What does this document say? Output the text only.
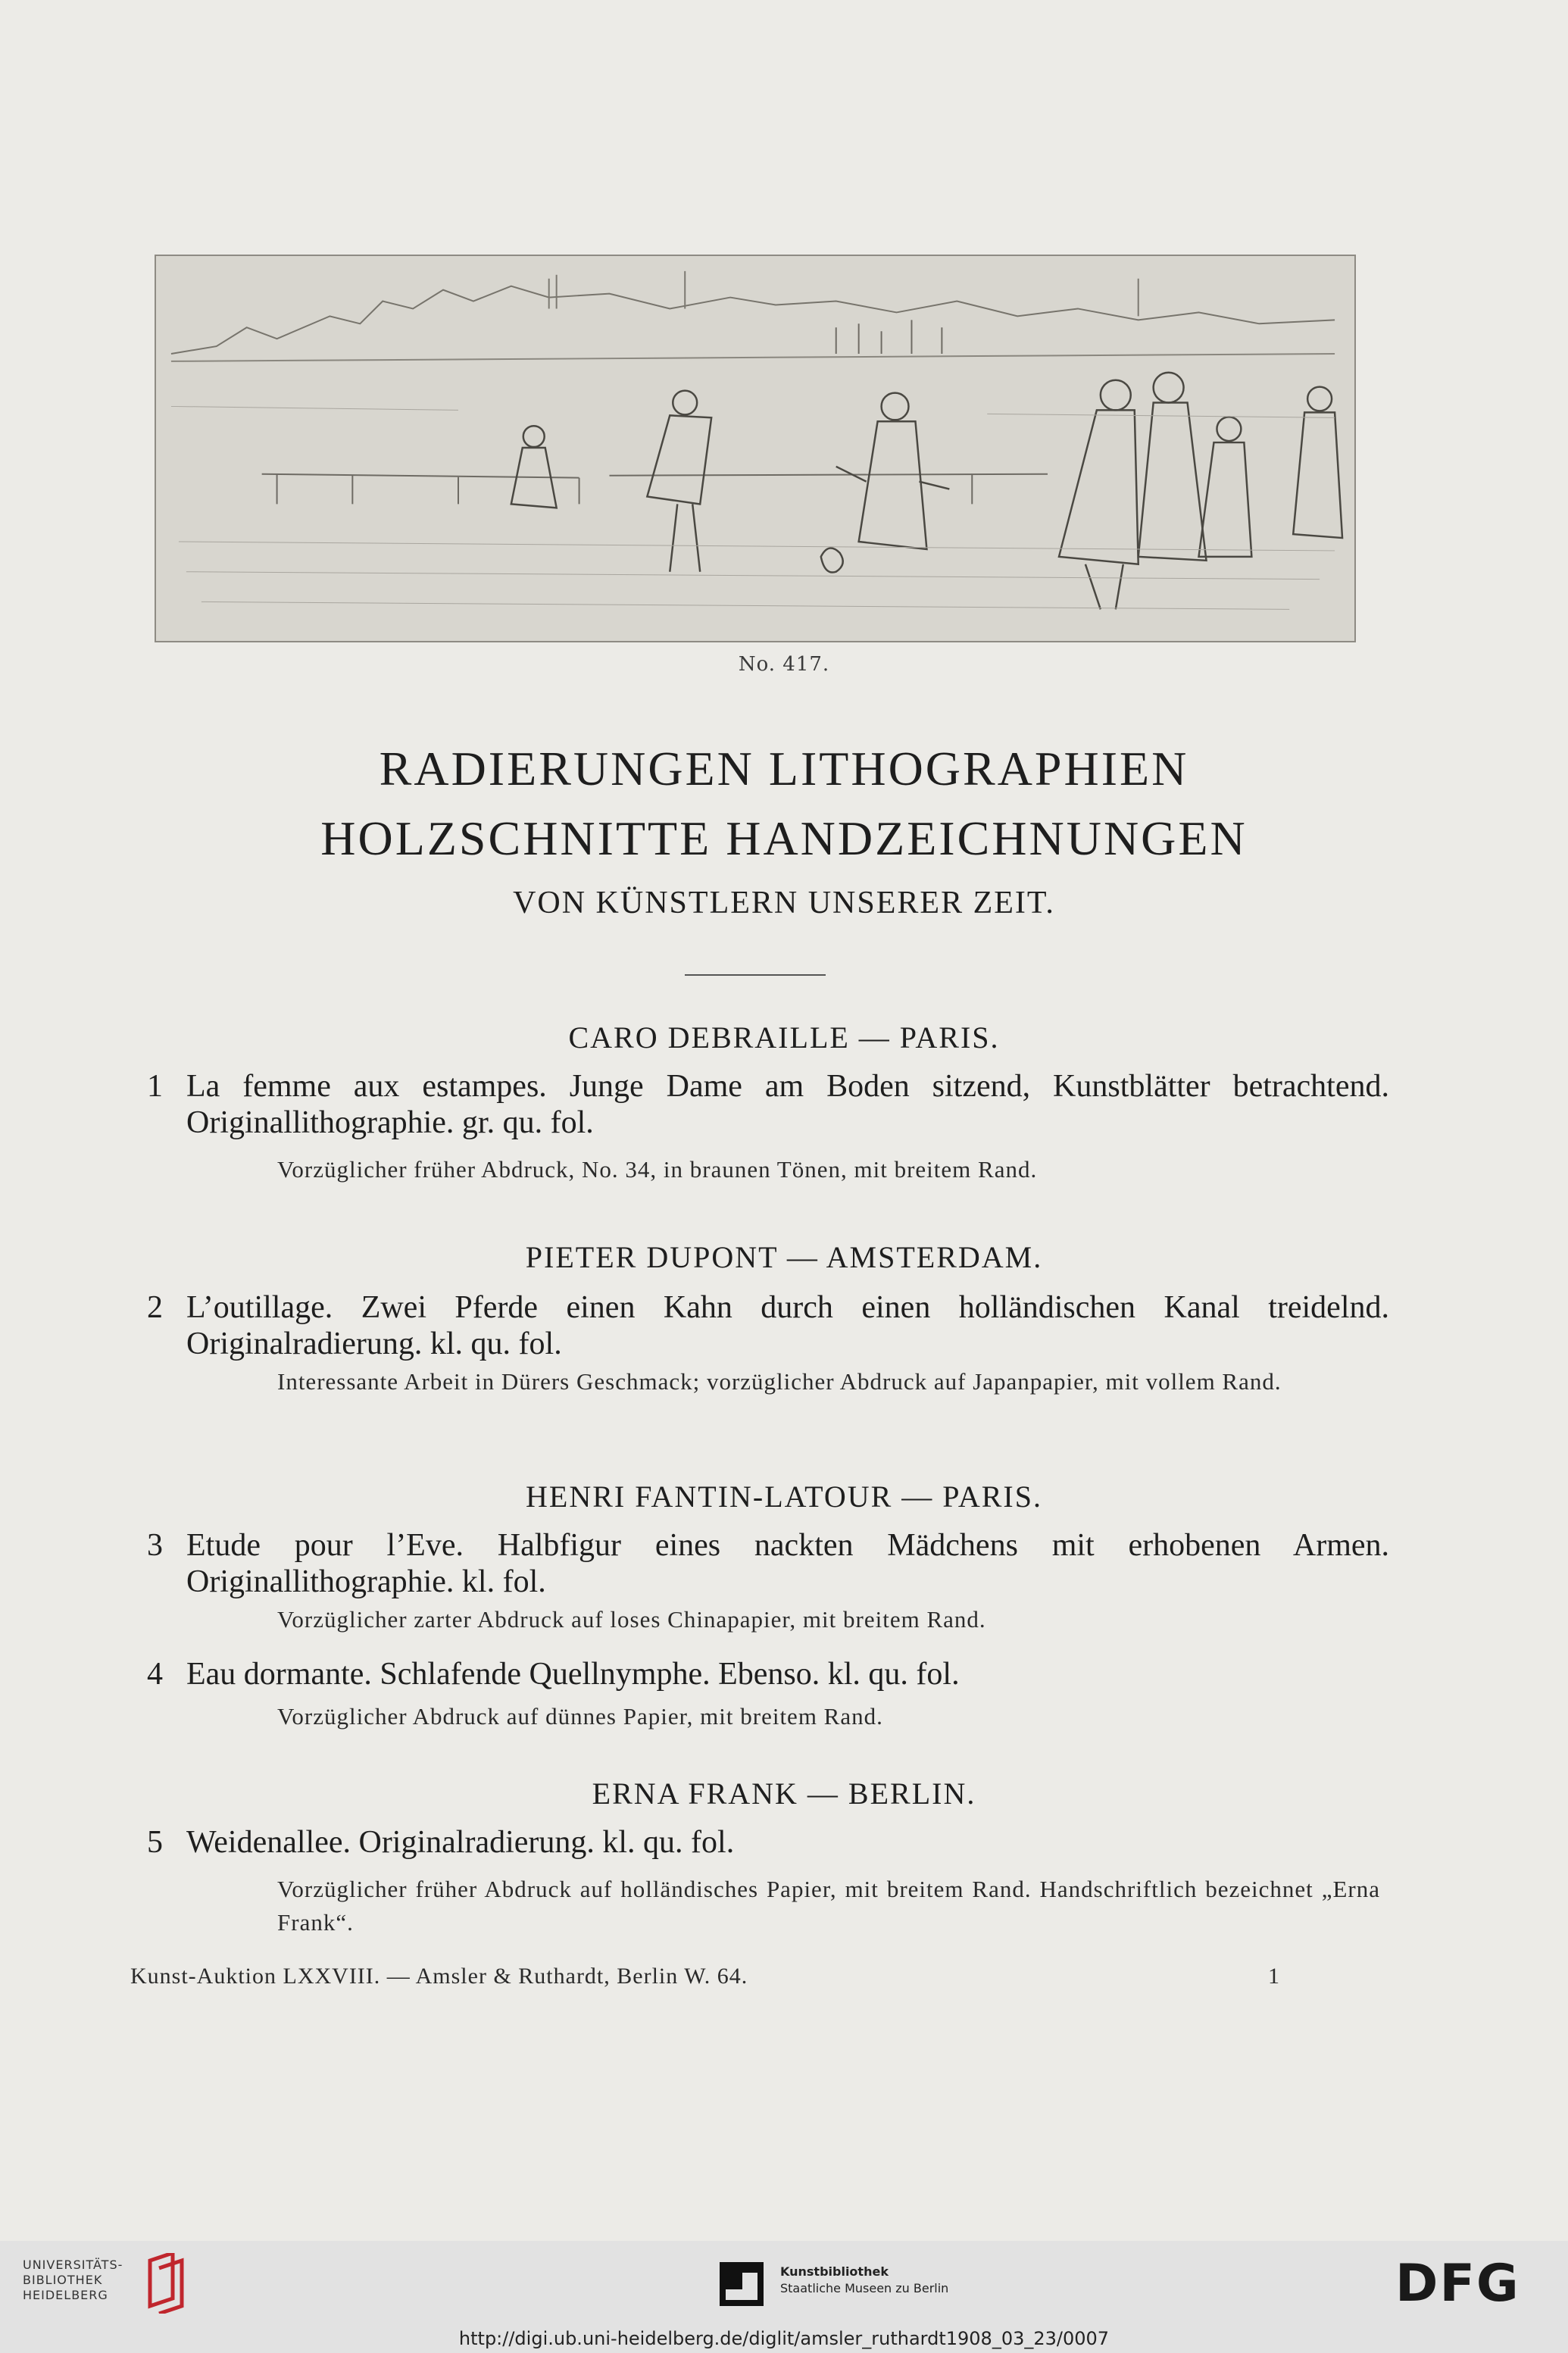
No. 417.
RADIERUNGEN LITHOGRAPHIEN
HOLZSCHNITTE HANDZEICHNUNGEN
VON KÜNSTLERN UNSERER ZEIT.
CARO DEBRAILLE — PARIS.
1 La femme aux estampes. Junge Dame am Boden sitzend, Kunstblätter betrachtend. Originallithographie. gr. qu. fol.
Vorzüglicher früher Abdruck, No. 34, in braunen Tönen, mit breitem Rand.
PIETER DUPONT — AMSTERDAM.
2 L’outillage. Zwei Pferde einen Kahn durch einen holländischen Kanal treidelnd. Originalradierung. kl. qu. fol.
Interessante Arbeit in Dürers Geschmack; vorzüglicher Abdruck auf Japanpapier, mit vollem Rand.
HENRI FANTIN-LATOUR — PARIS.
3 Etude pour l’Eve. Halbfigur eines nackten Mädchens mit erhobenen Armen. Originallithographie. kl. fol.
Vorzüglicher zarter Abdruck auf loses Chinapapier, mit breitem Rand.
4 Eau dormante. Schlafende Quellnymphe. Ebenso. kl. qu. fol.
Vorzüglicher Abdruck auf dünnes Papier, mit breitem Rand.
ERNA FRANK — BERLIN.
5 Weidenallee. Originalradierung. kl. qu. fol.
Vorzüglicher früher Abdruck auf holländisches Papier, mit breitem Rand. Handschriftlich bezeichnet „Erna Frank“.
Kunst-Auktion LXXVIII. — Amsler & Ruthardt, Berlin W. 64.	1
UNIVERSITÄTS-
BIBLIOTHEK
HEIDELBERG
Kunstbibliothek
Staatliche Museen zu Berlin	DFG
http://digi.ub.uni-heidelberg.de/diglit/amsler_ruthardt1908_03_23/0007
